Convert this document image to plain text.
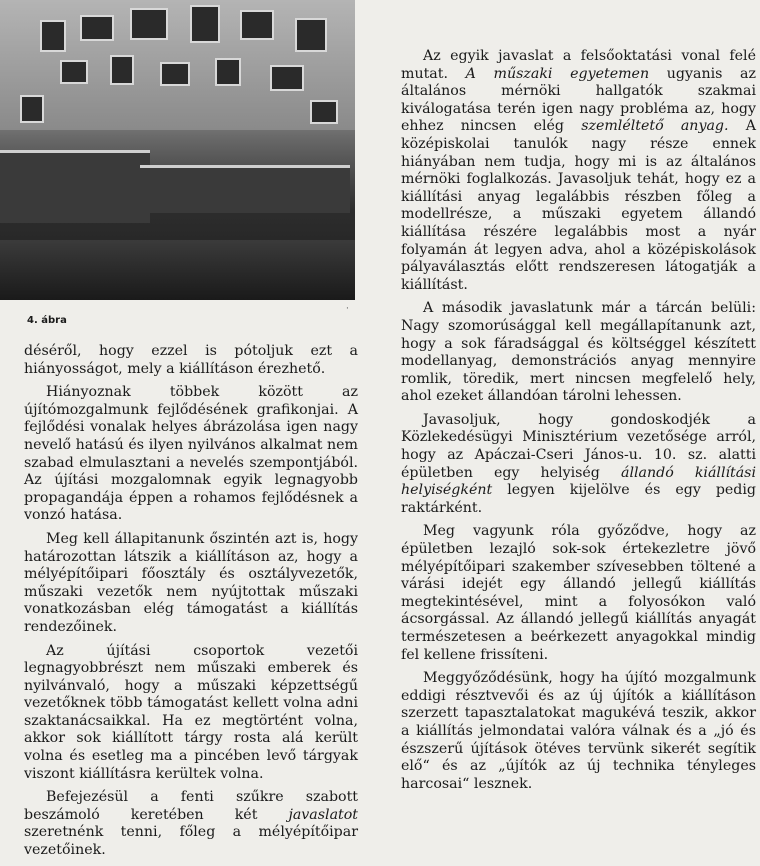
4. ábra
·

déséről, hogy ezzel is pótoljuk ezt a hiányosságot, mely a kiállításon érezhető.

Hiányoznak többek között az újítómozgalmunk fejlődésének grafikonjai. A fejlődési vonalak helyes ábrázolása igen nagy nevelő hatású és ilyen nyilvános alkalmat nem szabad elmulasztani a nevelés szempontjából. Az újítási mozgalomnak egyik legnagyobb propagandája éppen a rohamos fejlődésnek a vonzó hatása.

Meg kell állapitanunk őszintén azt is, hogy határozottan látszik a kiállításon az, hogy a mélyépítőipari főosztály és osztályvezetők, műszaki vezetők nem nyújtottak műszaki vonatkozásban elég támogatást a kiállítás rendezőinek.

Az újítási csoportok vezetői legnagyobbrészt nem műszaki emberek és nyilvánvaló, hogy a műszaki képzettségű vezetőknek több támogatást kellett volna adni szaktanácsaikkal. Ha ez megtörtént volna, akkor sok kiállított tárgy rosta alá került volna és esetleg ma a pincében levő tárgyak viszont kiállításra kerültek volna.

Befejezésül a fenti szűkre szabott beszámoló keretében két javaslatot szeretnénk tenni, főleg a mélyépítőipar vezetőinek.

Az egyik javaslat a felsőoktatási vonal felé mutat. A műszaki egyetemen ugyanis az általános mérnöki hallgatók szakmai kiválogatása terén igen nagy probléma az, hogy ehhez nincsen elég szemléltető anyag. A középiskolai tanulók nagy része ennek hiányában nem tudja, hogy mi is az általános mérnöki foglalkozás. Javasoljuk tehát, hogy ez a kiállítási anyag legalábbis részben főleg a modellrésze, a műszaki egyetem állandó kiállítása részére legalábbis most a nyár folyamán át legyen adva, ahol a középiskolások pályaválasztás előtt rendszeresen látogatják a kiállítást.

A második javaslatunk már a tárcán belüli: Nagy szomorúsággal kell megállapítanunk azt, hogy a sok fáradsággal és költséggel készített modellanyag, demonstrációs anyag mennyire romlik, töredik, mert nincsen megfelelő hely, ahol ezeket állandóan tárolni lehessen.

Javasoljuk, hogy gondoskodjék a Közlekedésügyi Minisztérium vezetősége arról, hogy az Apáczai-Cseri János-u. 10. sz. alatti épületben egy helyiség állandó kiállítási helyiségként legyen kijelölve és egy pedig raktárként.

Meg vagyunk róla győződve, hogy az épületben lezajló sok-sok értekezletre jövő mélyépítőipari szakember szívesebben töltené a várási idejét egy állandó jellegű kiállítás megtekintésével, mint a folyosókon való ácsorgással. Az állandó jellegű kiállítás anyagát természetesen a beérkezett anyagokkal mindig fel kellene frissíteni.

Meggyőződésünk, hogy ha újító mozgalmunk eddigi résztvevői és az új újítók a kiállításon szerzett tapasztalatokat magukévá teszik, akkor a kiállítás jelmondatai valóra válnak és a „jó és észszerű újítások ötéves tervünk sikerét segítik elő“ és az „újítók az új technika tényleges harcosai“ lesznek.
